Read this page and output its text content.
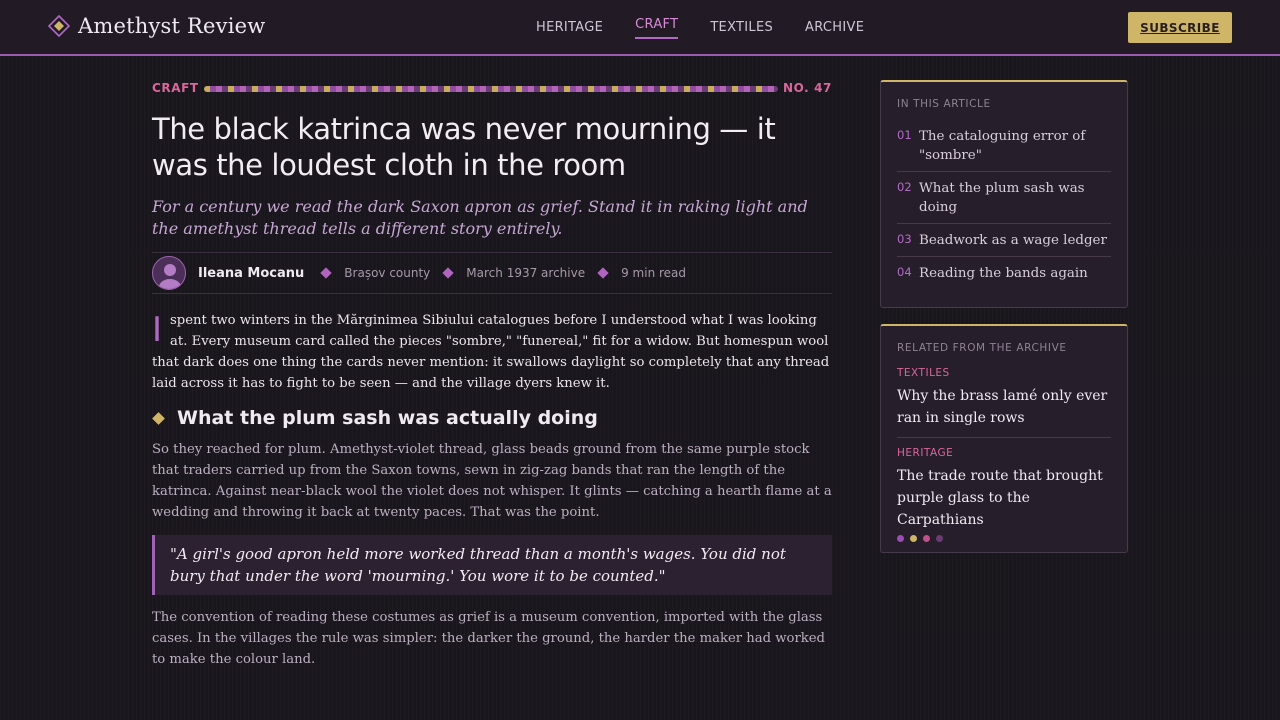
Amethyst Review	HERITAGE CRAFT TEXTILES ARCHIVE	SUBSCRIBE
CRAFT	NO. 47
The black katrinca was never mourning — it was the loudest cloth in the room

For a century we read the dark Saxon apron as grief. Stand it in raking light and the amethyst thread tells a different story entirely.

Ileana Mocanu	Brașov county	March 1937 archive	9 min read

Ispent two winters in the Mărginimea Sibiului catalogues before I understood what I was looking at. Every museum card called the pieces "sombre," "funereal," fit for a widow. But homespun wool that dark does one thing the cards never mention: it swallows daylight so completely that any thread laid across it has to fight to be seen — and the village dyers knew it.

What the plum sash was actually doing

So they reached for plum. Amethyst-violet thread, glass beads ground from the same purple stock that traders carried up from the Saxon towns, sewn in zig-zag bands that ran the length of the katrinca. Against near-black wool the violet does not whisper. It glints — catching a hearth flame at a wedding and throwing it back at twenty paces. That was the point.

"A girl's good apron held more worked thread than a month's wages. You did not bury that under the word 'mourning.' You wore it to be counted."

The convention of reading these costumes as grief is a museum convention, imported with the glass cases. In the villages the rule was simpler: the darker the ground, the harder the maker had worked to make the colour land.

IN THIS ARTICLE
01 The cataloguing error of "sombre"
02 What the plum sash was doing
03 Beadwork as a wage ledger
04 Reading the bands again
RELATED FROM THE ARCHIVE
TEXTILES
Why the brass lamé only ever ran in single rows
HERITAGE
The trade route that brought purple glass to the Carpathians
